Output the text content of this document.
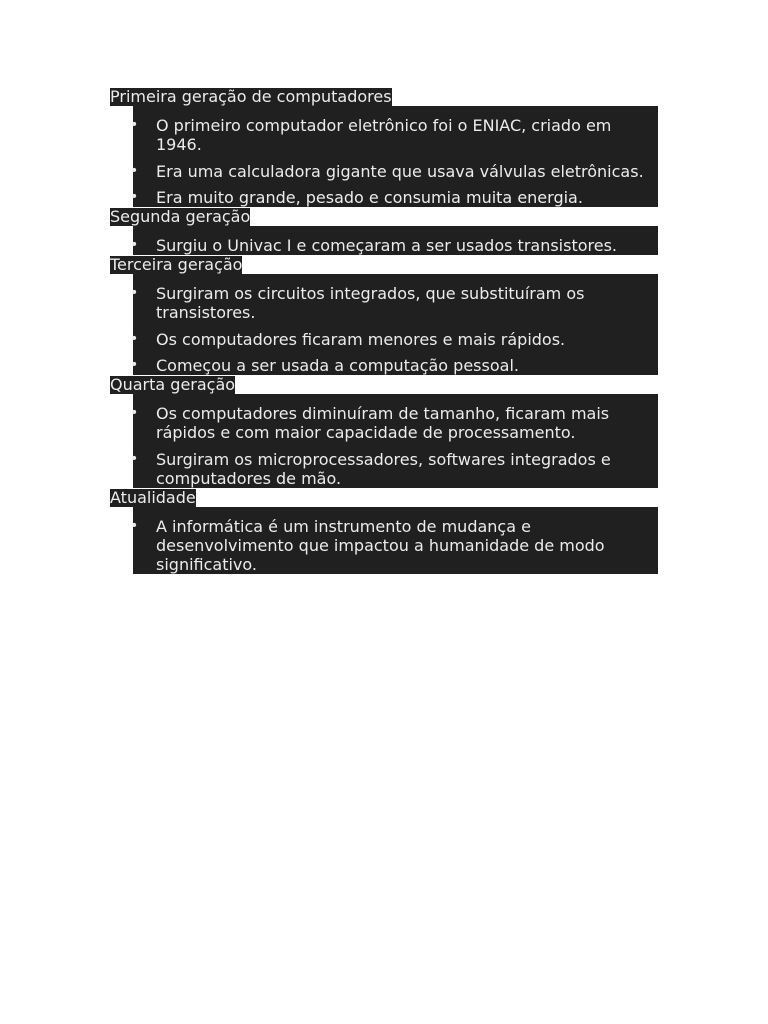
Primeira geração de computadores
• O primeiro computador eletrônico foi o ENIAC, criado em 1946.
• Era uma calculadora gigante que usava válvulas eletrônicas.
• Era muito grande, pesado e consumia muita energia.
Segunda geração
• Surgiu o Univac I e começaram a ser usados transistores.
Terceira geração
• Surgiram os circuitos integrados, que substituíram os transistores.
• Os computadores ficaram menores e mais rápidos.
• Começou a ser usada a computação pessoal.
Quarta geração
• Os computadores diminuíram de tamanho, ficaram mais rápidos e com maior capacidade de processamento.
• Surgiram os microprocessadores, softwares integrados e computadores de mão.
Atualidade
• A informática é um instrumento de mudança e desenvolvimento que impactou a humanidade de modo significativo.
